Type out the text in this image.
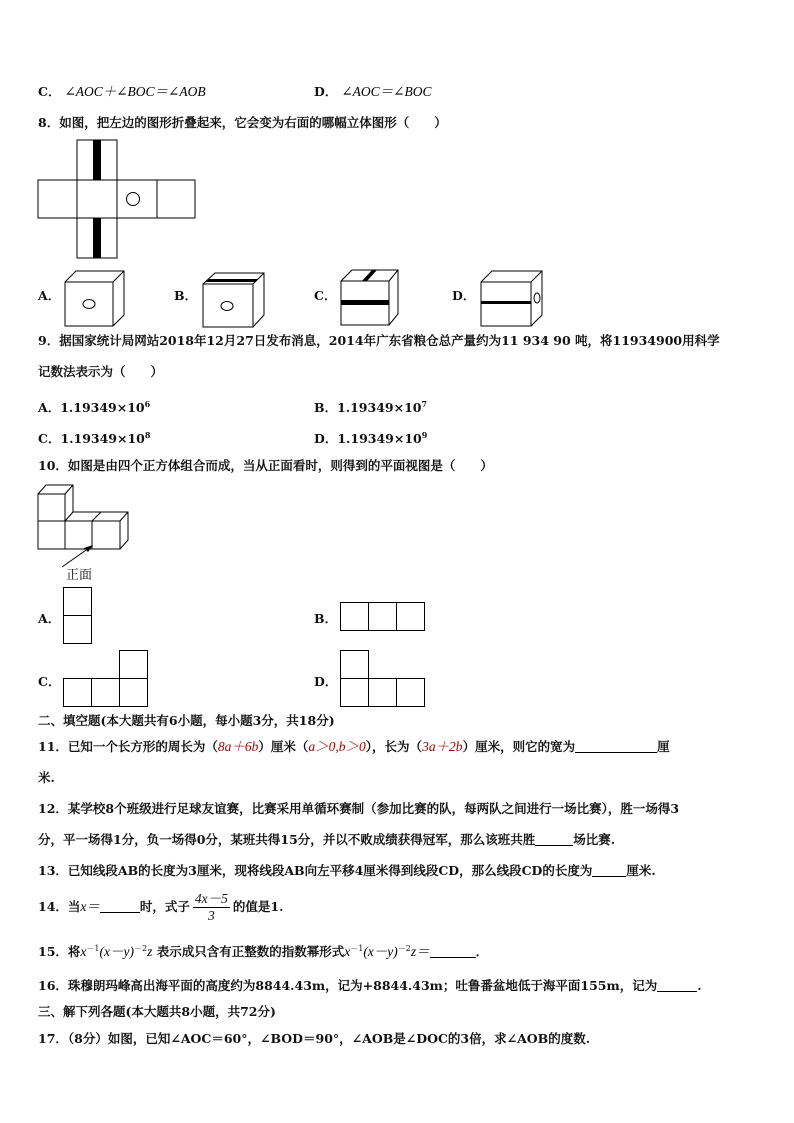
C． ∠AOC＋∠BOC＝∠AOB	D． ∠AOC＝∠BOC
8．如图，把左边的图形折叠起来，它会变为右面的哪幅立体图形（　　）
A．	B．	C．	D．
9．据国家统计局网站2018年12月27日发布消息，2014年广东省粮仓总产量约为11 934 90 吨，将11934900用科学
记数法表示为（　　）
A．$1.19349\times 10^6$	B．$1.19349\times 10^7$
C．$1.19349\times 10^8$	D．$1.19349\times 10^9$
10．如图是由四个正方体组合而成，当从正面看时，则得到的平面视图是（　　）
正面
A．	B．
C．	D．
二、填空题(本大题共有6小题，每小题3分，共18分)
11．已知一个长方形的周长为（8a＋6b）厘米（a＞0,b＞0），长为（3a＋2b）厘米，则它的宽为	厘
米.
12．某学校8个班级进行足球友谊赛，比赛采用单循环赛制（参加比赛的队，每两队之间进行一场比赛），胜一场得3
分，平一场得1分，负一场得0分，某班共得15分，并以不败成绩获得冠军，那么该班共胜	场比赛.
13．已知线段AB的长度为3厘米，现将线段AB向左平移4厘米得到线段CD，那么线段CD的长度为	厘米.
14．当x＝	时，式子 $\frac{4x-5}{3}$ 的值是1.
15．将$x^{-1}(x-y)^{-2}z$ 表示成只含有正整数的指数幂形式$x^{-1}(x-y)^{-2}z=$	．
16．珠穆朗玛峰高出海平面的高度约为8844.43m，记为+8844.43m；吐鲁番盆地低于海平面155m，记为	.
三、解下列各题(本大题共8小题，共72分)
17．（8分）如图，已知∠AOC＝60°，∠BOD＝90°，∠AOB是∠DOC的3倍，求∠AOB的度数.
